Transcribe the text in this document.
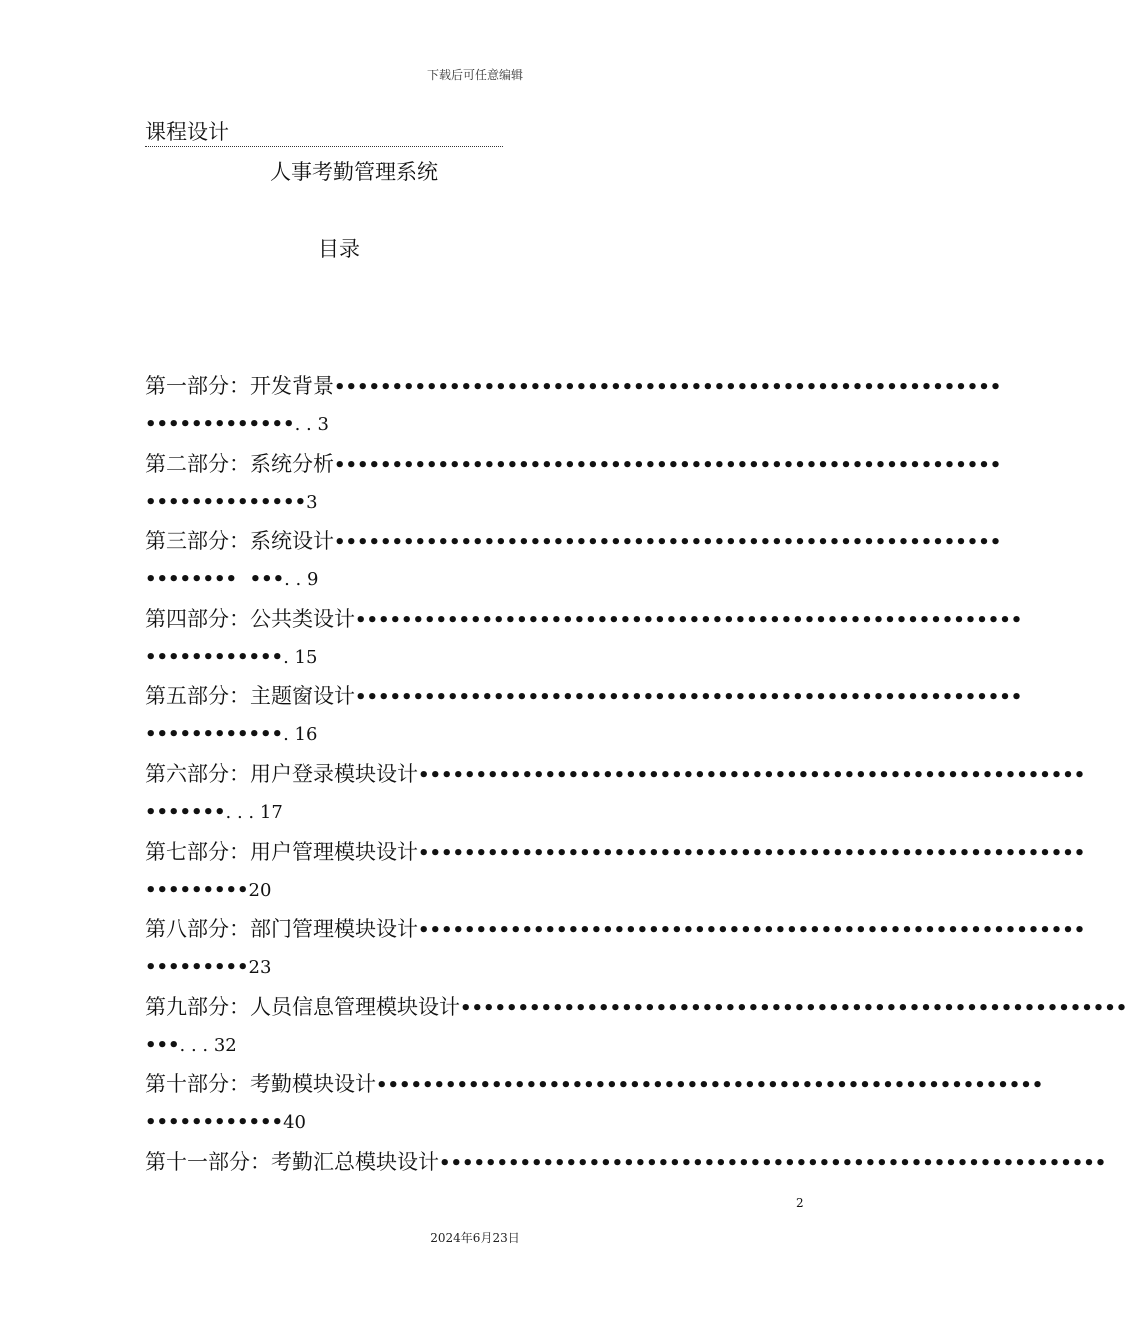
下载后可任意编辑
课程设计
人事考勤管理系统
目录
第一部分：开发背景 ••••••••••••••••••••••••••••••••••••••••••••••••••••••••••
•••••••••••••. . 3
第二部分：系统分析 ••••••••••••••••••••••••••••••••••••••••••••••••••••••••••
••••••••••••••3
第三部分：系统设计 ••••••••••••••••••••••••••••••••••••••••••••••••••••••••••
••••••••  •••. . 9
第四部分：公共类设计 ••••••••••••••••••••••••••••••••••••••••••••••••••••••••••
••••••••••••. 15
第五部分：主题窗设计 ••••••••••••••••••••••••••••••••••••••••••••••••••••••••••
••••••••••••. 16
第六部分：用户登录模块设计 ••••••••••••••••••••••••••••••••••••••••••••••••••••••••••
•••••••. . . 17
第七部分：用户管理模块设计 ••••••••••••••••••••••••••••••••••••••••••••••••••••••••••
•••••••••20
第八部分：部门管理模块设计 ••••••••••••••••••••••••••••••••••••••••••••••••••••••••••
•••••••••23
第九部分：人员信息管理模块设计 ••••••••••••••••••••••••••••••••••••••••••••••••••••••••••
•••. . . 32
第十部分：考勤模块设计 ••••••••••••••••••••••••••••••••••••••••••••••••••••••••••
••••••••••••40
第十一部分：考勤汇总模块设计 ••••••••••••••••••••••••••••••••••••••••••••••••••••••••••
2
2024年6月23日
